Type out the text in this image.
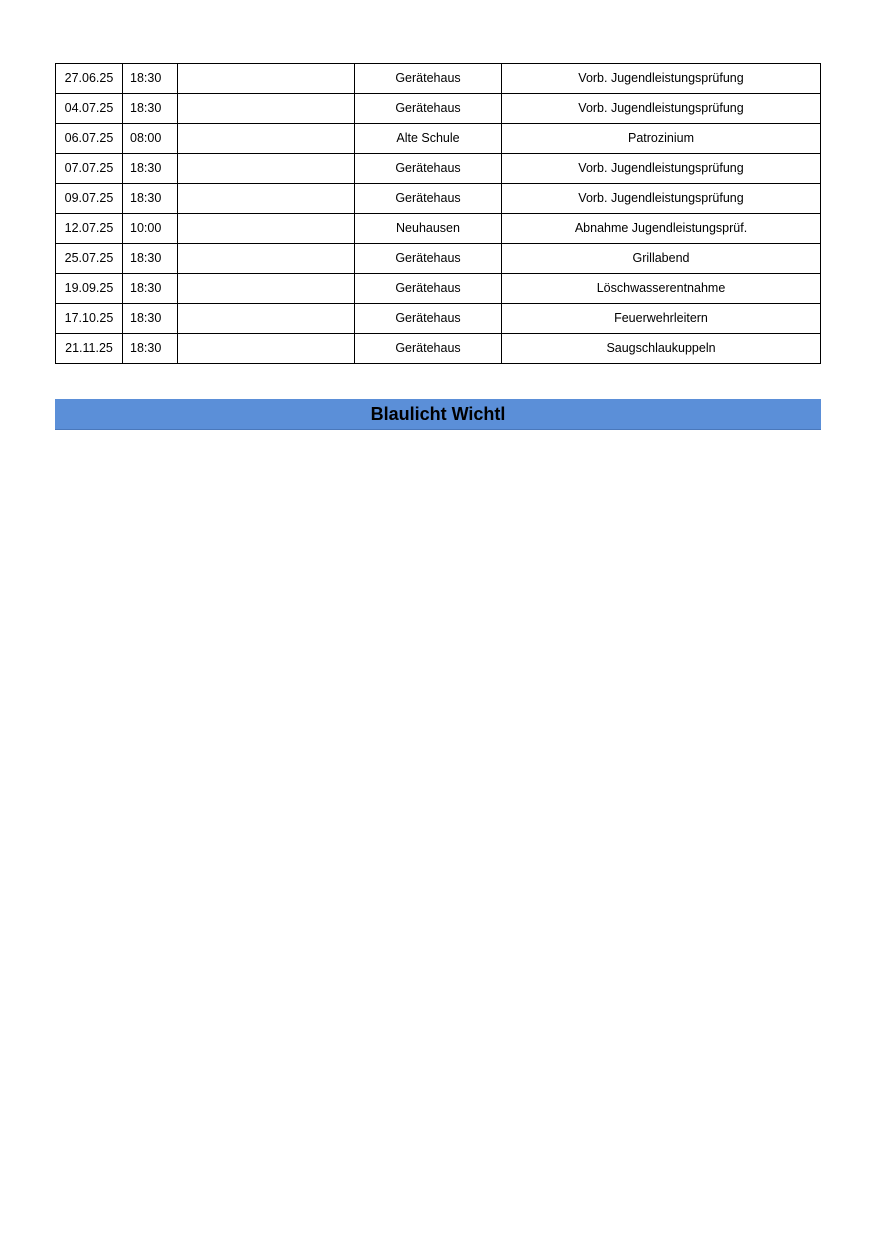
27.06.25	18:30		Gerätehaus	Vorb. Jugendleistungsprüfung
04.07.25	18:30		Gerätehaus	Vorb. Jugendleistungsprüfung
06.07.25	08:00		Alte Schule	Patrozinium
07.07.25	18:30		Gerätehaus	Vorb. Jugendleistungsprüfung
09.07.25	18:30		Gerätehaus	Vorb. Jugendleistungsprüfung
12.07.25	10:00		Neuhausen	Abnahme Jugendleistungsprüf.
25.07.25	18:30		Gerätehaus	Grillabend
19.09.25	18:30		Gerätehaus	Löschwasserentnahme
17.10.25	18:30		Gerätehaus	Feuerwehrleitern
21.11.25	18:30		Gerätehaus	Saugschlaukuppeln
Blaulicht Wichtl
